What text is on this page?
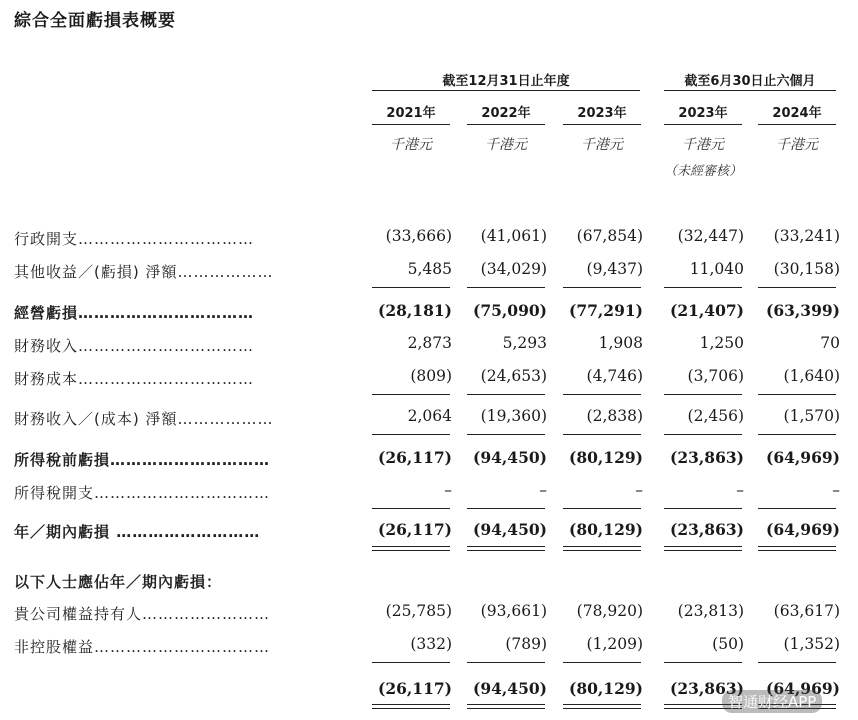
綜合全面虧損表概要
截至12月31日止年度	截至6月30日止六個月
2021年	2022年	2023年	2023年	2024年
千港元	千港元	千港元	千港元	千港元
（未經審核）
行政開支……………………………	(33,666)	(41,061)	(67,854)	(32,447)	(33,241)
其他收益／(虧損) 淨額………………	5,485	(34,029)	(9,437)	11,040	(30,158)
經營虧損……………………………	(28,181)	(75,090)	(77,291)	(21,407)	(63,399)
財務收入……………………………	2,873	5,293	1,908	1,250	70
財務成本……………………………	(809)	(24,653)	(4,746)	(3,706)	(1,640)
財務收入／(成本) 淨額………………	2,064	(19,360)	(2,838)	(2,456)	(1,570)
所得稅前虧損…………………………	(26,117)	(94,450)	(80,129)	(23,863)	(64,969)
所得稅開支……………………………	–	–	–	–	–
年／期內虧損 ………………………	(26,117)	(94,450)	(80,129)	(23,863)	(64,969)
以下人士應佔年／期內虧損：
貴公司權益持有人……………………	(25,785)	(93,661)	(78,920)	(23,813)	(63,617)
非控股權益……………………………	(332)	(789)	(1,209)	(50)	(1,352)
(26,117)	(94,450)	(80,129)	(23,863)	(64,969)
智通财经APP
